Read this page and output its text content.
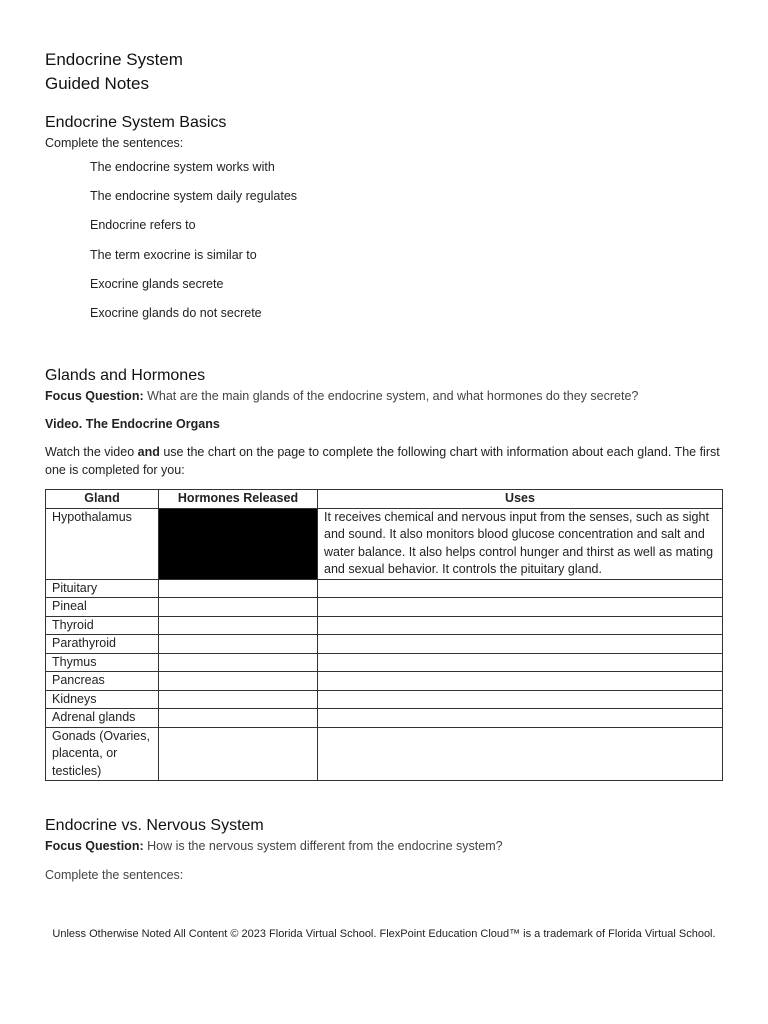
Endocrine System
Guided Notes
Endocrine System Basics

Complete the sentences:

The endocrine system works with
The endocrine system daily regulates
Endocrine refers to
The term exocrine is similar to
Exocrine glands secrete
Exocrine glands do not secrete
Glands and Hormones

Focus Question: What are the main glands of the endocrine system, and what hormones do they secrete?

Video. The Endocrine Organs

Watch the video and use the chart on the page to complete the following chart with information about each gland. The first one is completed for you:

Gland	Hormones Released	Uses
Hypothalamus		It receives chemical and nervous input from the senses, such as sight and sound. It also monitors blood glucose concentration and salt and water balance. It also helps control hunger and thirst as well as mating and sexual behavior. It controls the pituitary gland.
Pituitary		
Pineal		
Thyroid		
Parathyroid		
Thymus		
Pancreas		
Kidneys		
Adrenal glands		
Gonads (Ovaries, placenta, or testicles)		
Endocrine vs. Nervous System

Focus Question: How is the nervous system different from the endocrine system?

Complete the sentences:

Unless Otherwise Noted All Content © 2023 Florida Virtual School. FlexPoint Education Cloud™ is a trademark of Florida Virtual School.
